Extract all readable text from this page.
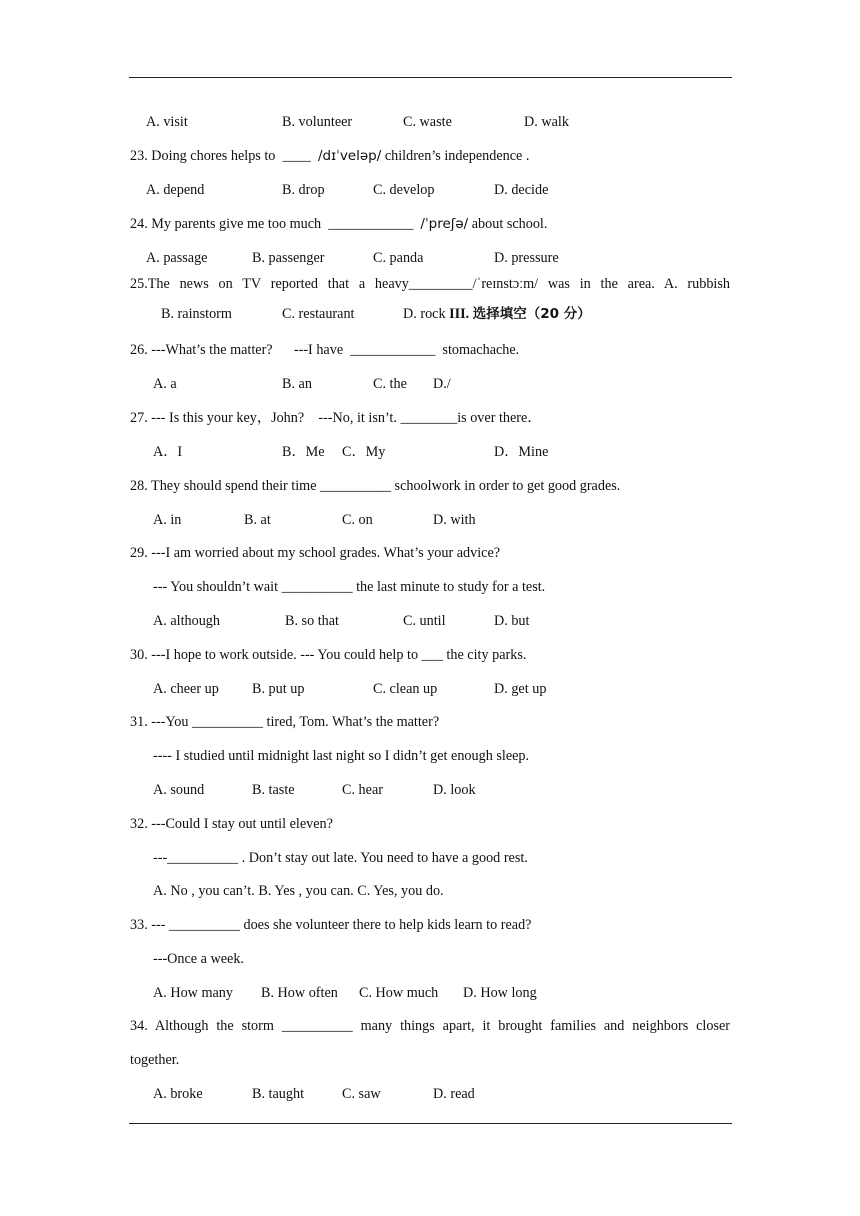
A. visit	B. volunteer	C. waste	D. walk
23. Doing chores helps to  ____  /dɪˈveləp/ children’s independence .
A. depend	B. drop	C. develop	D. decide
24. My parents give me too much  ____________  /ˈpreʃə/ about school.
A. passage	B. passenger	C. panda	D. pressure
25.The news on TV reported that a heavy_________/ˈreɪnstɔːm/ was in the area. A. rubbish
B. rainstorm	C. restaurant	D. rock III. 选择填空（20 分）
26. ---What’s the matter?      ---I have  ____________  stomachache.
A. a	B. an	C. the D./
27. --- Is this your key，John?    ---No, it isn’t. ________is over there．
A．I	B．Me C．My	D．Mine
28. They should spend their time __________ schoolwork in order to get good grades.
A. in	B. at	C. on	D. with
29. ---I am worried about my school grades. What’s your advice?
--- You shouldn’t wait __________ the last minute to study for a test.
A. although	B. so that	C. until	D. but
30. ---I hope to work outside. --- You could help to ___ the city parks.
A. cheer up B. put up	C. clean up	D. get up
31. ---You __________ tired, Tom. What’s the matter?
---- I studied until midnight last night so I didn’t get enough sleep.
A. sound	B. taste	C. hear	D. look
32. ---Could I stay out until eleven?
---__________ . Don’t stay out late. You need to have a good rest.
A. No , you can’t. B. Yes , you can. C. Yes, you do.
33. --- __________ does she volunteer there to help kids learn to read?
---Once a week.
A. How many B. How often C. How much D. How long
34. Although the storm __________ many things apart, it brought families and neighbors closer
together.
A. broke	B. taught	C. saw	D. read
